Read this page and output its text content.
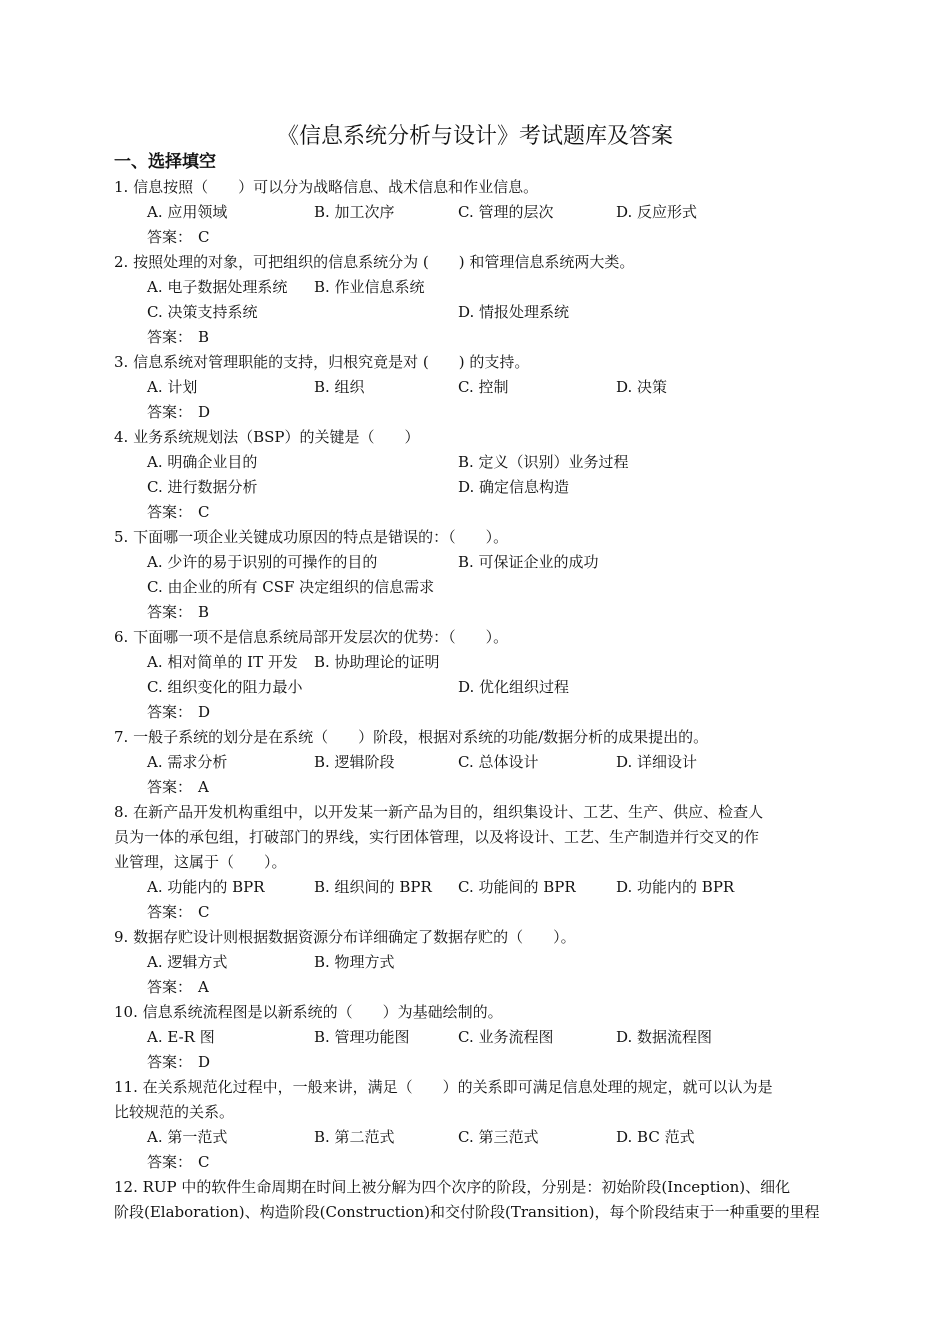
《信息系统分析与设计》考试题库及答案
一、选择填空
1. 信息按照（　　）可以分为战略信息、战术信息和作业信息。
A. 应用领域	B. 加工次序	C. 管理的层次	D. 反应形式
答案： C
2. 按照处理的对象，可把组织的信息系统分为 (　　) 和管理信息系统两大类。
A. 电子数据处理系统 B. 作业信息系统
C. 决策支持系统	D. 情报处理系统
答案： B
3. 信息系统对管理职能的支持，归根究竟是对 (　　) 的支持。
A. 计划	B. 组织	C. 控制	D. 决策
答案： D
4. 业务系统规划法（BSP）的关键是（　　）
A. 明确企业目的	B. 定义（识别）业务过程
C. 进行数据分析	D. 确定信息构造
答案： C
5. 下面哪一项企业关键成功原因的特点是错误的：（　　）。
A. 少许的易于识别的可操作的目的	B. 可保证企业的成功
C. 由企业的所有 CSF 决定组织的信息需求
答案： B
6. 下面哪一项不是信息系统局部开发层次的优势：（　　）。
A. 相对简单的 IT 开发 B. 协助理论的证明
C. 组织变化的阻力最小	D. 优化组织过程
答案： D
7. 一般子系统的划分是在系统（　　）阶段，根据对系统的功能/数据分析的成果提出的。
A. 需求分析	B. 逻辑阶段	C. 总体设计	D. 详细设计
答案： A
8. 在新产品开发机构重组中，以开发某一新产品为目的，组织集设计、工艺、生产、供应、检查人
员为一体的承包组，打破部门的界线，实行团体管理，以及将设计、工艺、生产制造并行交叉的作
业管理，这属于（　　）。
A. 功能内的 BPR	B. 组织间的 BPR C. 功能间的 BPR	D. 功能内的 BPR
答案： C
9. 数据存贮设计则根据数据资源分布详细确定了数据存贮的（　　）。
A. 逻辑方式	B. 物理方式
答案： A
10. 信息系统流程图是以新系统的（　　）为基础绘制的。
A. E-R 图	B. 管理功能图	C. 业务流程图	D. 数据流程图
答案： D
11. 在关系规范化过程中，一般来讲，满足（　　）的关系即可满足信息处理的规定，就可以认为是
比较规范的关系。
A. 第一范式	B. 第二范式	C. 第三范式	D. BC 范式
答案： C
12. RUP 中的软件生命周期在时间上被分解为四个次序的阶段，分别是：初始阶段(Inception)、细化
阶段(Elaboration)、构造阶段(Construction)和交付阶段(Transition)，每个阶段结束于一种重要的里程
